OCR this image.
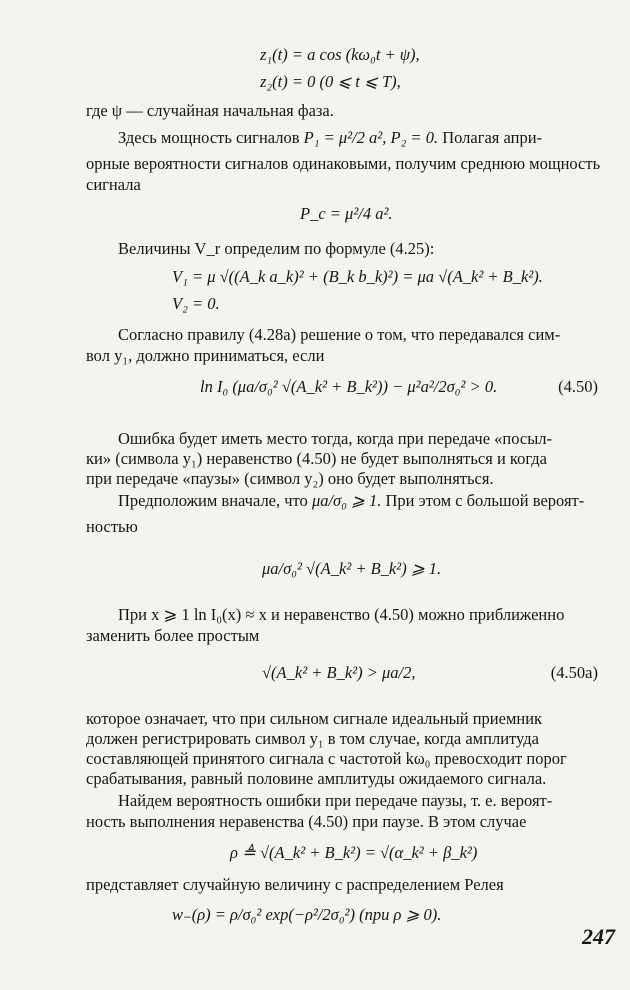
z₁(t) = a cos (kω₀t + ψ),
z₂(t) = 0 (0 ⩽ t ⩽ T),
где ψ — случайная начальная фаза.
Здесь мощность сигналов P₁ = μ²/2 a², P₂ = 0. Полагая апри-
орные вероятности сигналов одинаковыми, получим среднюю мощность
сигнала
P_c = μ²/4 a².
Величины V_r определим по формуле (4.25):
V₁ = μ √((A_k a_k)² + (B_k b_k)²) = μa √(A_k² + B_k²).
V₂ = 0.
Согласно правилу (4.28а) решение о том, что передавался сим-
вол y₁, должно приниматься, если
ln I₀ (μa/σ₀² √(A_k² + B_k²)) − μ²a²/2σ₀² > 0.	(4.50)
Ошибка будет иметь место тогда, когда при передаче «посыл-
ки» (символа y₁) неравенство (4.50) не будет выполняться и когда
при передаче «паузы» (символ y₂) оно будет выполняться.
Предположим вначале, что μa/σ₀ ⩾ 1. При этом с большой вероят-
ностью
μa/σ₀² √(A_k² + B_k²) ⩾ 1.
При x ⩾ 1 ln I₀(x) ≈ x и неравенство (4.50) можно приближенно
заменить более простым
√(A_k² + B_k²) > μa/2,	(4.50а)
которое означает, что при сильном сигнале идеальный приемник
должен регистрировать символ y₁ в том случае, когда амплитуда
составляющей принятого сигнала с частотой kω₀ превосходит порог
срабатывания, равный половине амплитуды ожидаемого сигнала.
Найдем вероятность ошибки при передаче паузы, т. е. вероят-
ность выполнения неравенства (4.50) при паузе. В этом случае
ρ ≜ √(A_k² + B_k²) = √(α_k² + β_k²)
представляет случайную величину с распределением Релея
w₋(ρ) = ρ/σ₀² exp(−ρ²/2σ₀²) (при ρ ⩾ 0).
247
